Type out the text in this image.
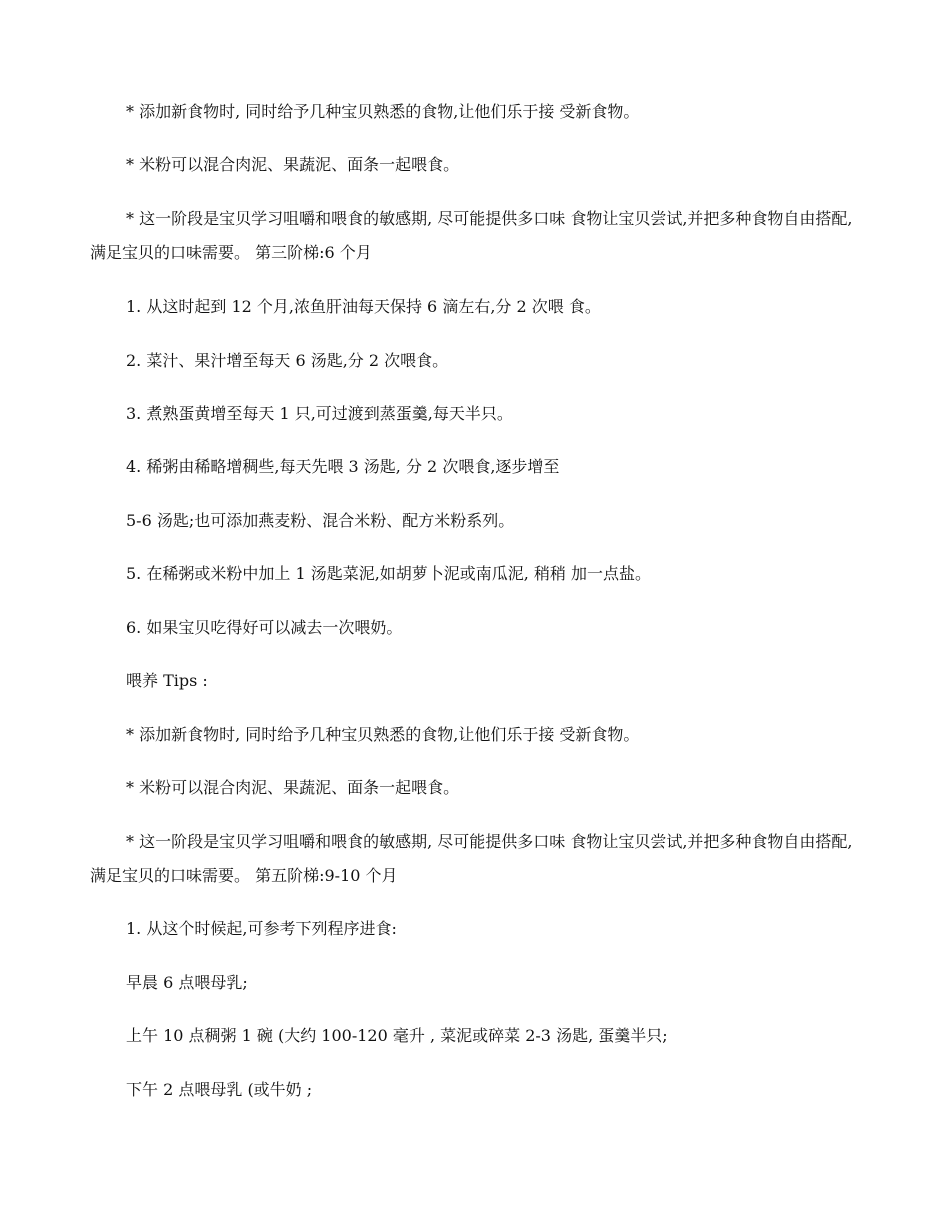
* 添加新食物时, 同时给予几种宝贝熟悉的食物,让他们乐于接 受新食物。

* 米粉可以混合肉泥、果蔬泥、面条一起喂食。

* 这一阶段是宝贝学习咀嚼和喂食的敏感期, 尽可能提供多口味 食物让宝贝尝试,并把多种食物自由搭配,满足宝贝的口味需要。 第三阶梯:6 个月

1. 从这时起到 12 个月,浓鱼肝油每天保持 6 滴左右,分 2 次喂 食。

2. 菜汁、果汁增至每天 6 汤匙,分 2 次喂食。

3. 煮熟蛋黄增至每天 1 只,可过渡到蒸蛋羹,每天半只。

4. 稀粥由稀略增稠些,每天先喂 3 汤匙, 分 2 次喂食,逐步增至

5-6 汤匙;也可添加燕麦粉、混合米粉、配方米粉系列。

5. 在稀粥或米粉中加上 1 汤匙菜泥,如胡萝卜泥或南瓜泥, 稍稍 加一点盐。

6. 如果宝贝吃得好可以减去一次喂奶。

喂养 Tips :

* 添加新食物时, 同时给予几种宝贝熟悉的食物,让他们乐于接 受新食物。

* 米粉可以混合肉泥、果蔬泥、面条一起喂食。

* 这一阶段是宝贝学习咀嚼和喂食的敏感期, 尽可能提供多口味 食物让宝贝尝试,并把多种食物自由搭配,满足宝贝的口味需要。 第五阶梯:9-10 个月

1. 从这个时候起,可参考下列程序进食:

早晨 6 点喂母乳;

上午 10 点稠粥 1 碗 (大约 100-120 毫升 , 菜泥或碎菜 2-3 汤匙, 蛋羹半只;

下午 2 点喂母乳 (或牛奶 ;
